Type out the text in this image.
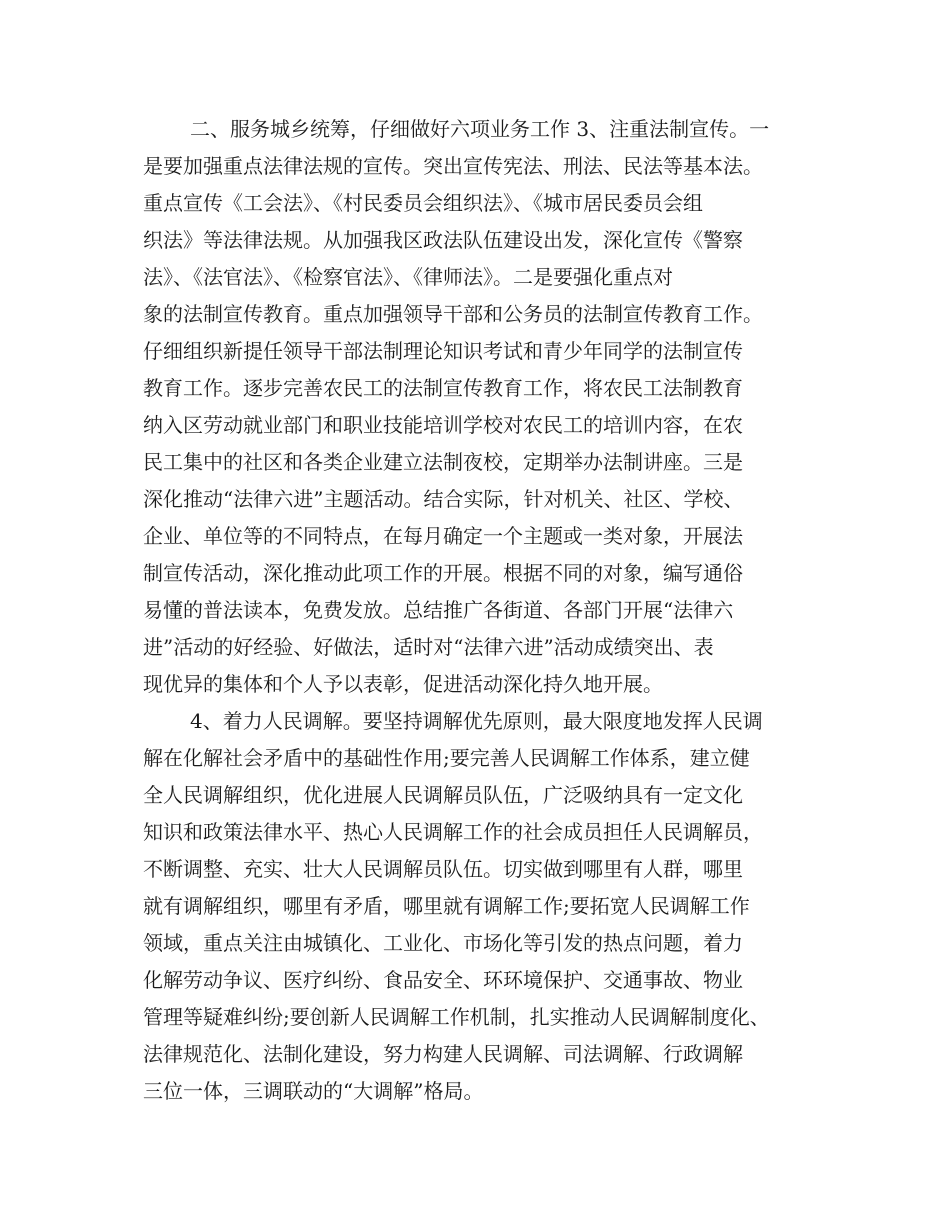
二、服务城乡统筹，仔细做好六项业务工作 3、注重法制宣传。一
是要加强重点法律法规的宣传。突出宣传宪法、刑法、民法等基本法。
重点宣传《工会法》、《村民委员会组织法》、《城市居民委员会组
织法》等法律法规。从加强我区政法队伍建设出发，深化宣传《警察
法》、《法官法》、《检察官法》、《律师法》。二是要强化重点对
象的法制宣传教育。重点加强领导干部和公务员的法制宣传教育工作。
仔细组织新提任领导干部法制理论知识考试和青少年同学的法制宣传
教育工作。逐步完善农民工的法制宣传教育工作，将农民工法制教育
纳入区劳动就业部门和职业技能培训学校对农民工的培训内容，在农
民工集中的社区和各类企业建立法制夜校，定期举办法制讲座。三是
深化推动“法律六进”主题活动。结合实际，针对机关、社区、学校、
企业、单位等的不同特点，在每月确定一个主题或一类对象，开展法
制宣传活动，深化推动此项工作的开展。根据不同的对象，编写通俗
易懂的普法读本，免费发放。总结推广各街道、各部门开展“法律六
进”活动的好经验、好做法，适时对“法律六进”活动成绩突出、表
现优异的集体和个人予以表彰，促进活动深化持久地开展。
4、着力人民调解。要坚持调解优先原则，最大限度地发挥人民调
解在化解社会矛盾中的基础性作用;要完善人民调解工作体系，建立健
全人民调解组织，优化进展人民调解员队伍，广泛吸纳具有一定文化
知识和政策法律水平、热心人民调解工作的社会成员担任人民调解员，
不断调整、充实、壮大人民调解员队伍。切实做到哪里有人群，哪里
就有调解组织，哪里有矛盾，哪里就有调解工作;要拓宽人民调解工作
领域，重点关注由城镇化、工业化、市场化等引发的热点问题，着力
化解劳动争议、医疗纠纷、食品安全、环环境保护、交通事故、物业
管理等疑难纠纷;要创新人民调解工作机制，扎实推动人民调解制度化、
法律规范化、法制化建设，努力构建人民调解、司法调解、行政调解
三位一体，三调联动的“大调解”格局。
